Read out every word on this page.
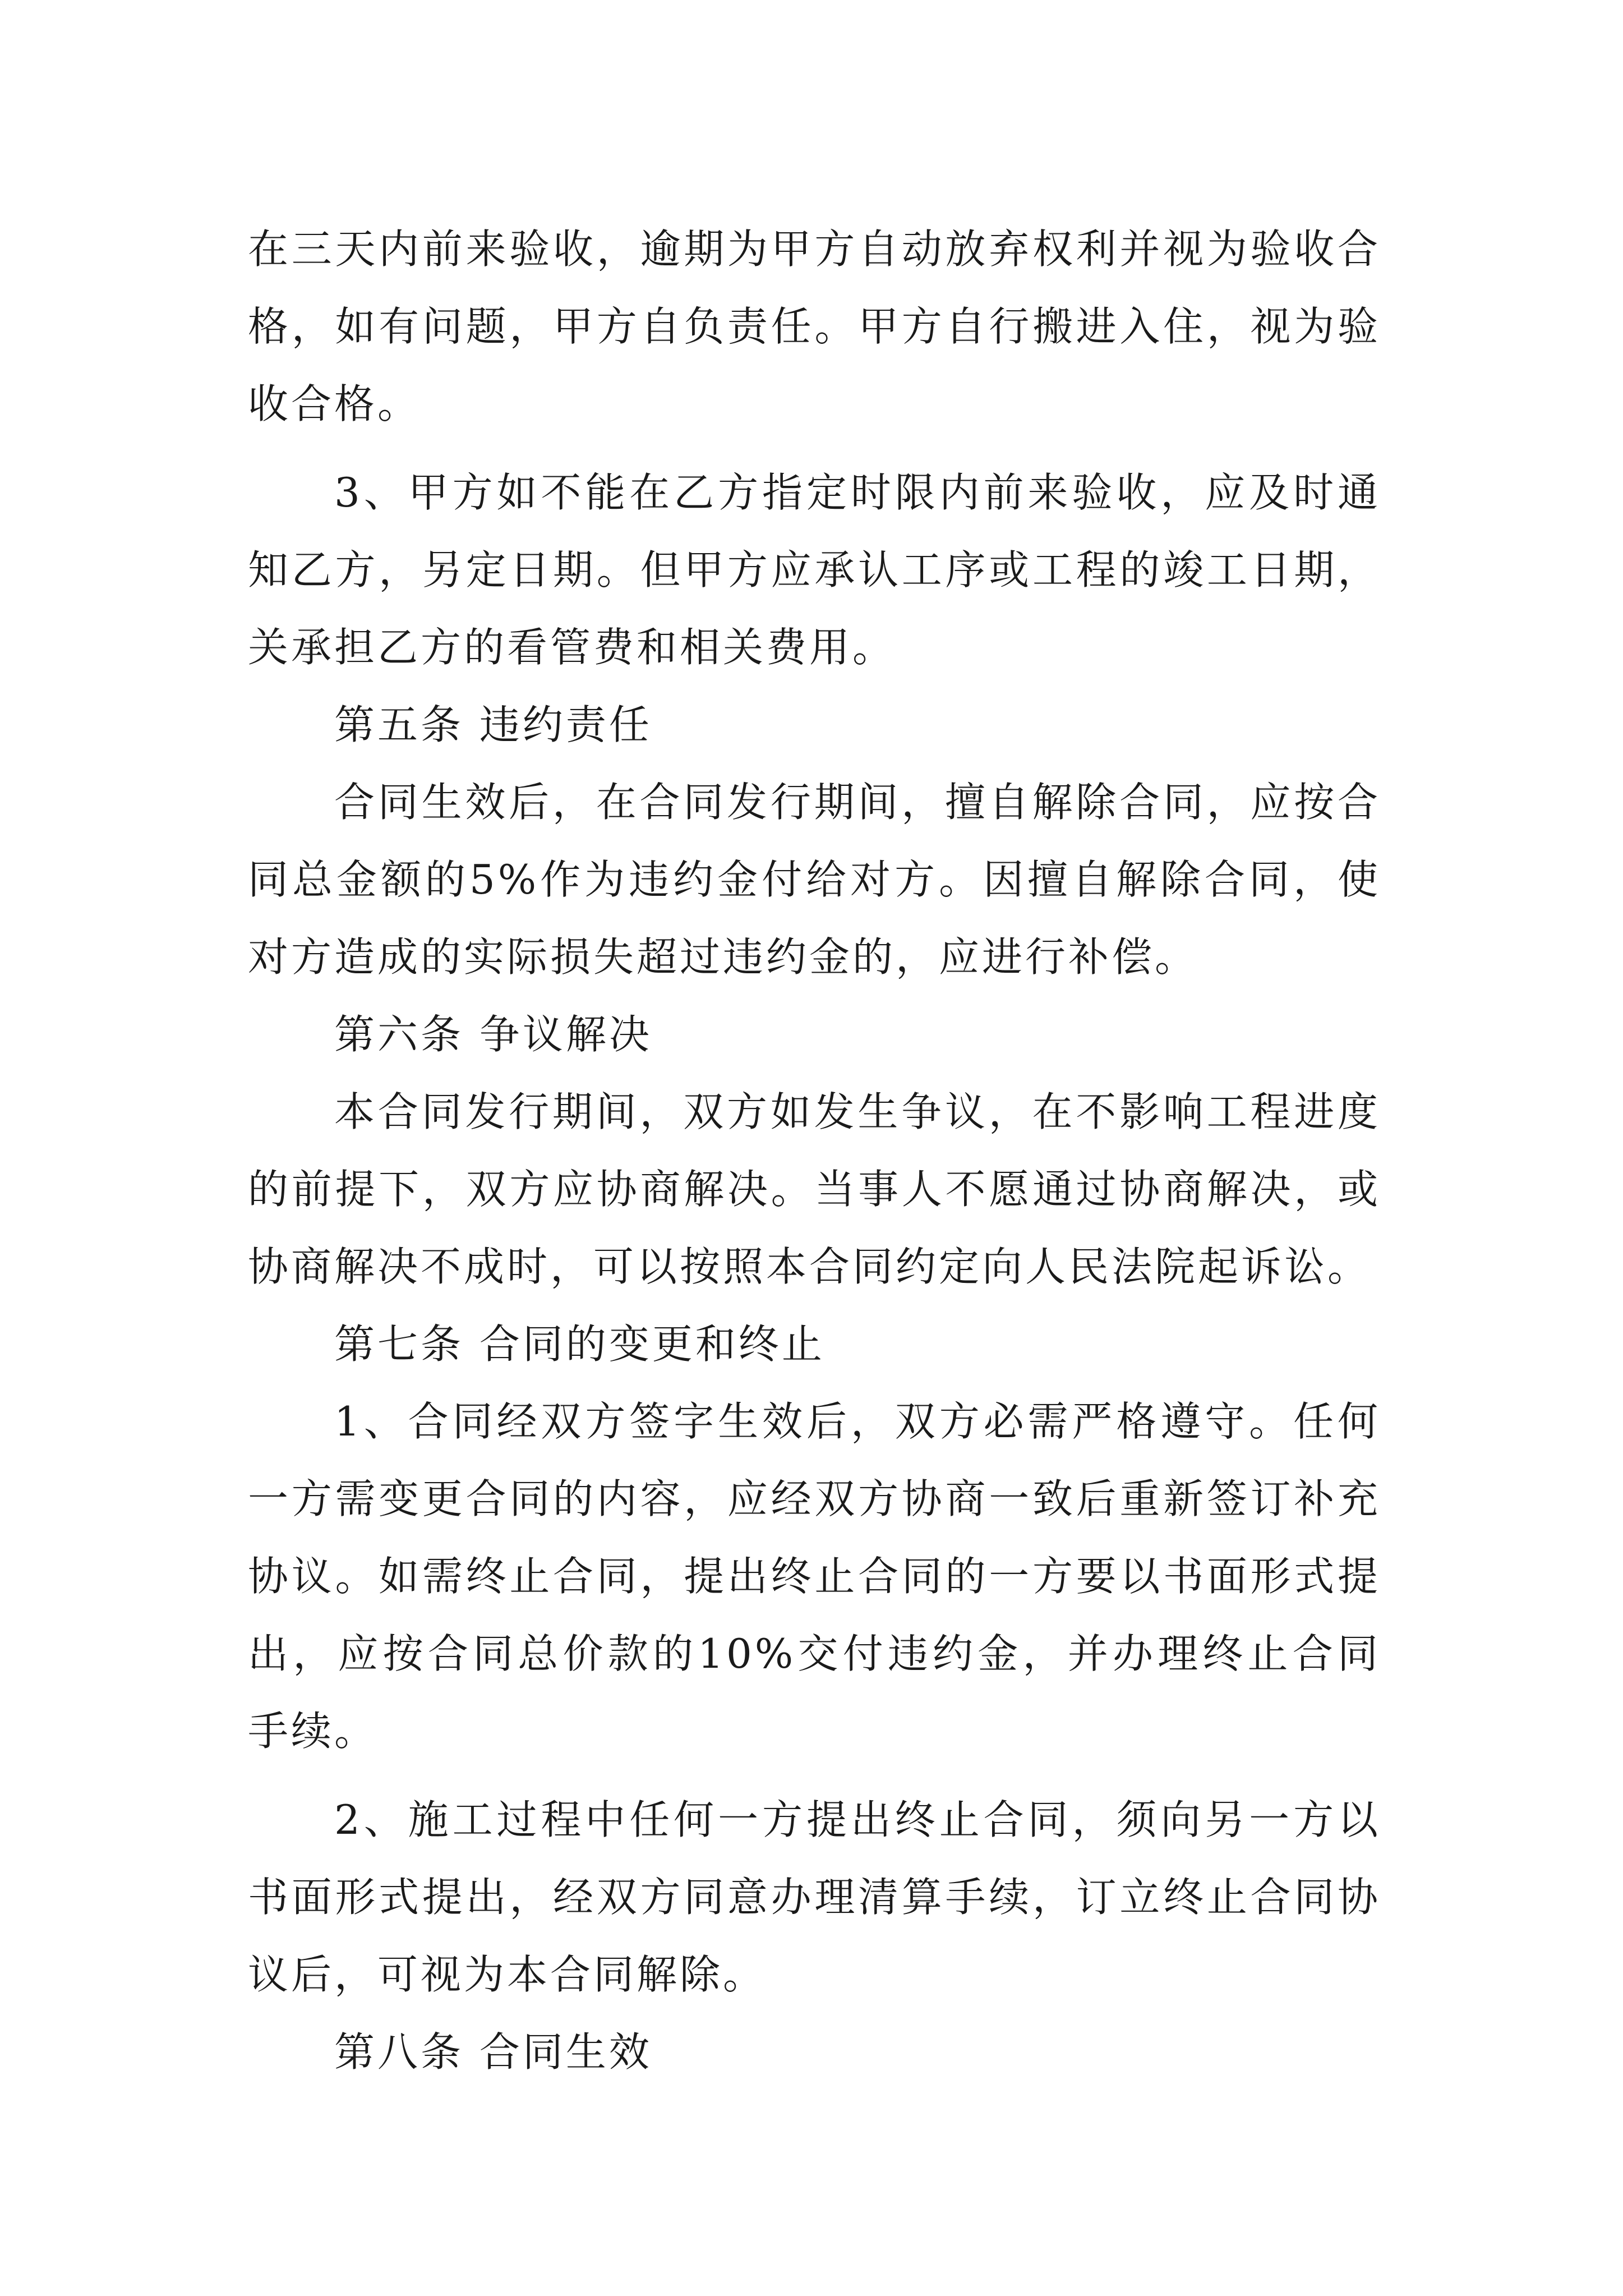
在三天内前来验收，逾期为甲方自动放弃权利并视为验收合格，如有问题，甲方自负责任。甲方自行搬进入住，视为验收合格。

3、甲方如不能在乙方指定时限内前来验收，应及时通知乙方，另定日期。但甲方应承认工序或工程的竣工日期，关承担乙方的看管费和相关费用。

第五条 违约责任

合同生效后，在合同发行期间，擅自解除合同，应按合同总金额的5%作为违约金付给对方。因擅自解除合同，使对方造成的实际损失超过违约金的，应进行补偿。

第六条 争议解决

本合同发行期间，双方如发生争议，在不影响工程进度的前提下，双方应协商解决。当事人不愿通过协商解决，或协商解决不成时，可以按照本合同约定向人民法院起诉讼。

第七条 合同的变更和终止

1、合同经双方签字生效后，双方必需严格遵守。任何一方需变更合同的内容，应经双方协商一致后重新签订补充协议。如需终止合同，提出终止合同的一方要以书面形式提出，应按合同总价款的10%交付违约金，并办理终止合同手续。

2、施工过程中任何一方提出终止合同，须向另一方以书面形式提出，经双方同意办理清算手续，订立终止合同协议后，可视为本合同解除。

第八条 合同生效
